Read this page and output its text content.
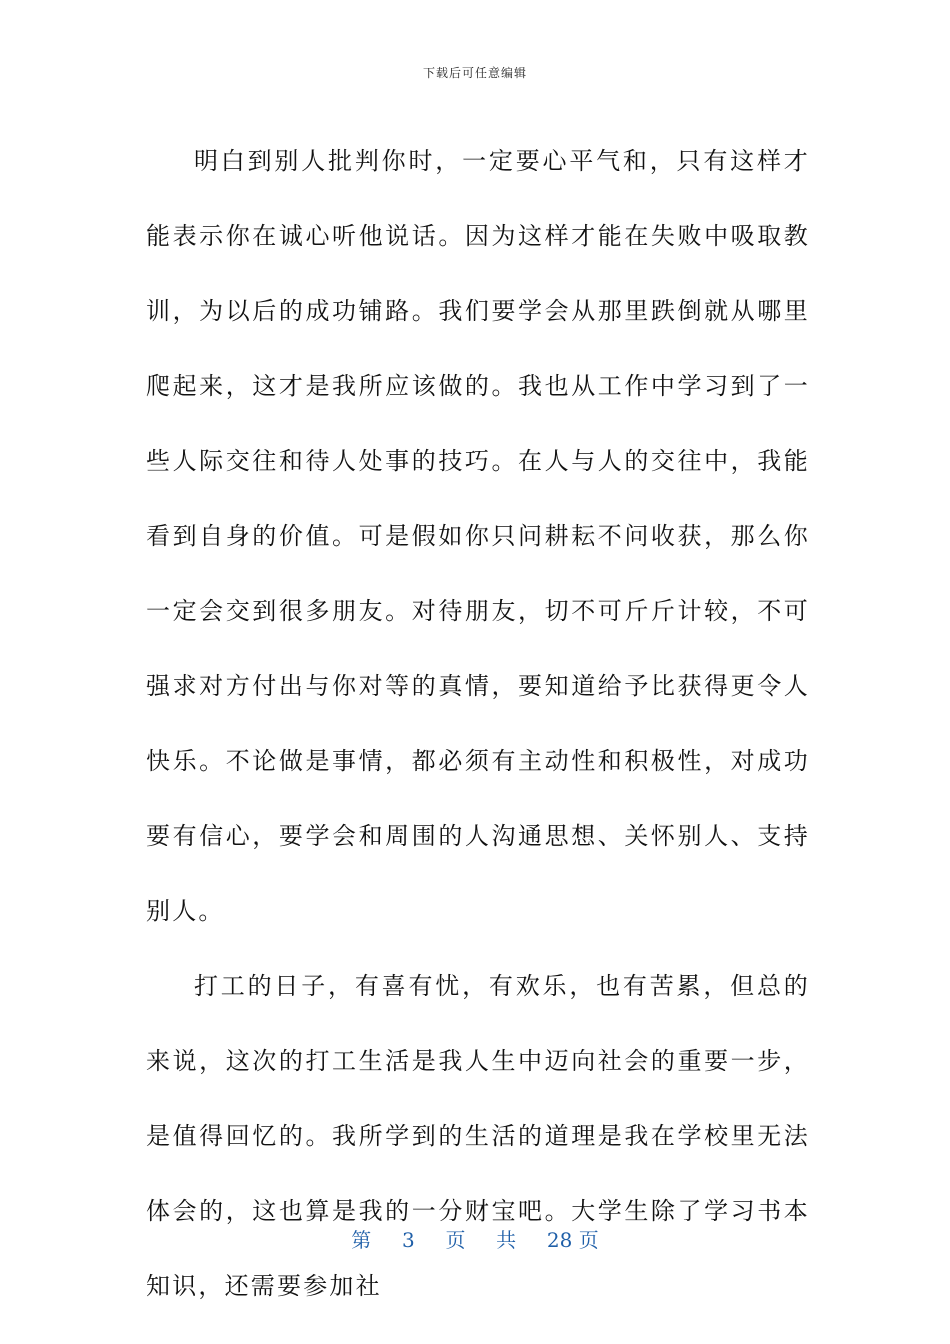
下载后可任意编辑

明白到别人批判你时，一定要心平气和，只有这样才能表示你在诚心听他说话。因为这样才能在失败中吸取教训，为以后的成功铺路。我们要学会从那里跌倒就从哪里爬起来，这才是我所应该做的。我也从工作中学习到了一些人际交往和待人处事的技巧。在人与人的交往中，我能看到自身的价值。可是假如你只问耕耘不问收获，那么你一定会交到很多朋友。对待朋友，切不可斤斤计较，不可强求对方付出与你对等的真情，要知道给予比获得更令人快乐。不论做是事情，都必须有主动性和积极性，对成功要有信心，要学会和周围的人沟通思想、关怀别人、支持别人。

打工的日子，有喜有忧，有欢乐，也有苦累，但总的来说，这次的打工生活是我人生中迈向社会的重要一步，是值得回忆的。我所学到的生活的道理是我在学校里无法体会的，这也算是我的一分财宝吧。大学生除了学习书本知识，还需要参加社

第 3 页 共 28 页
